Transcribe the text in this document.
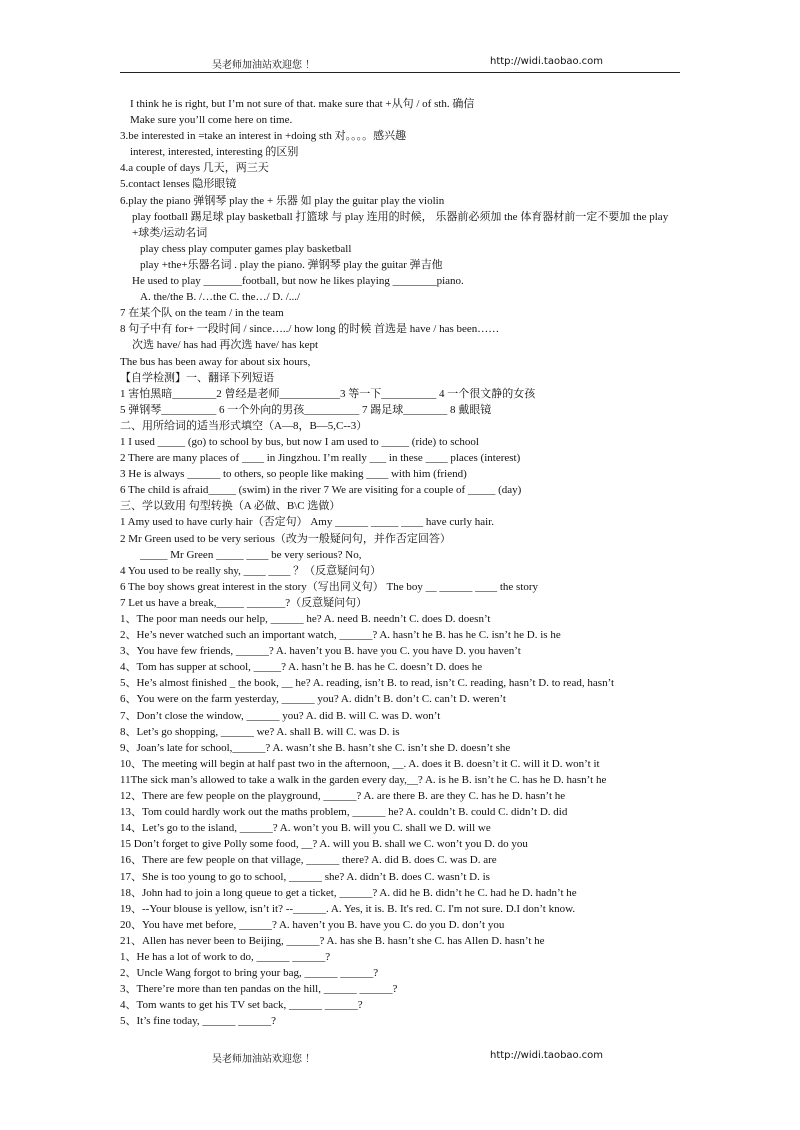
吴老师加油站欢迎您 ！	http://widi.taobao.com
I think he is right, but I’m not sure of that. make sure that +从句 / of sth. 确信
Make sure you’ll come here on time.
3.be interested in =take an interest in +doing sth 对。。。。感兴趣
interest, interested, interesting 的区别
4.a couple of days 几天，两三天
5.contact lenses 隐形眼镜
6.play the piano 弹钢琴 play the + 乐器 如 play the guitar play the violin
play football 踢足球 play basketball 打篮球 与 play 连用的时候， 乐器前必须加 the 体育器材前一定不要加 the play +球类/运动名词
play chess play computer games play basketball
play +the+乐器名词 . play the piano. 弹钢琴 play the guitar 弹吉他
He used to play _______football, but now he likes playing ________piano.
A. the/the B. /…the C. the…/ D. /.../
7 在某个队 on the team / in the team
8 句子中有 for+ 一段时间 / since…../ how long 的时候 首选是 have / has been……
次选 have/ has had 再次选 have/ has kept
The bus has been away for about six hours,
【自学检测】一、翻译下列短语
1 害怕黑暗________2 曾经是老师___________3 等一下__________ 4 一个很文静的女孩
5 弹钢琴__________ 6 一个外向的男孩__________ 7 踢足球________ 8 戴眼镜
二、用所给词的适当形式填空（A—8，B—5,C--3）
1 I used _____ (go) to school by bus, but now I am used to _____ (ride) to school
2 There are many places of ____ in Jingzhou. I’m really ___ in these ____ places (interest)
3 He is always ______ to others, so people like making ____ with him (friend)
6 The child is afraid_____ (swim) in the river 7 We are visiting for a couple of _____ (day)
三、学以致用 句型转换（A 必做、B\C 选做）
1 Amy used to have curly hair（否定句） Amy ______ _____ ____ have curly hair.
2 Mr Green used to be very serious（改为一般疑问句，并作否定回答）
_____ Mr Green _____ ____ be very serious? No,
4 You used to be really shy, ____ ____ ？（反意疑问句）
6 The boy shows great interest in the story（写出同义句） The boy __ ______ ____ the story
7 Let us have a break,_____ _______?（反意疑问句）
1、The poor man needs our help, ______ he? A. need B. needn’t C. does D. doesn’t
2、He’s never watched such an important watch, ______? A. hasn’t he B. has he C. isn’t he D. is he
3、You have few friends, ______? A. haven’t you B. have you C. you have D. you haven’t
4、Tom has supper at school, _____? A. hasn’t he B. has he C. doesn’t D. does he
5、He’s almost finished _ the book, __ he? A. reading, isn’t B. to read, isn’t C. reading, hasn’t D. to read, hasn’t
6、You were on the farm yesterday, ______ you? A. didn’t B. don’t C. can’t D. weren’t
7、Don’t close the window, ______ you? A. did B. will C. was D. won’t
8、Let’s go shopping, ______ we? A. shall B. will C. was D. is
9、Joan’s late for school,______? A. wasn’t she B. hasn’t she C. isn’t she D. doesn’t she
10、The meeting will begin at half past two in the afternoon, __. A. does it B. doesn’t it C. will it D. won’t it
11The sick man’s allowed to take a walk in the garden every day,__? A. is he B. isn’t he C. has he D. hasn’t he
12、There are few people on the playground, ______? A. are there B. are they C. has he D. hasn’t he
13、Tom could hardly work out the maths problem, ______ he? A. couldn’t B. could C. didn’t D. did
14、Let’s go to the island, ______? A. won’t you B. will you C. shall we D. will we
15 Don’t forget to give Polly some food, __? A. will you B. shall we C. won’t you D. do you
16、There are few people on that village, ______ there? A. did B. does C. was D. are
17、She is too young to go to school, ______ she? A. didn’t B. does C. wasn’t D. is
18、John had to join a long queue to get a ticket, ______? A. did he B. didn’t he C. had he D. hadn’t he
19、--Your blouse is yellow, isn’t it? --______. A. Yes, it is. B. It's red. C. I'm not sure. D.I don’t know.
20、You have met before, ______? A. haven’t you B. have you C. do you D. don’t you
21、Allen has never been to Beijing, ______? A. has she B. hasn’t she C. has Allen D. hasn’t he
1、He has a lot of work to do, ______ ______?
2、Uncle Wang forgot to bring your bag, ______ ______?
3、There’re more than ten pandas on the hill, ______ ______?
4、Tom wants to get his TV set back, ______ ______?
5、It’s fine today, ______ ______?
吴老师加油站欢迎您 ！	http://widi.taobao.com
